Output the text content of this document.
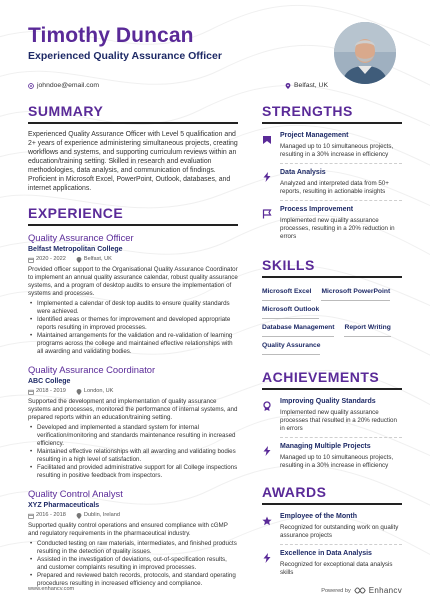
Timothy Duncan
Experienced Quality Assurance Officer
johndoe@email.com	Belfast, UK
SUMMARY
Experienced Quality Assurance Officer with Level 5 qualification and 2+ years of experience administering simultaneous projects, creating workflows and systems, and supporting curriculum reviews within an education/training setting. Skilled in research and evaluation methodologies, data analysis, and communication of findings. Proficient in Microsoft Excel, PowerPoint, Outlook, databases, and internet applications.
EXPERIENCE
Quality Assurance Officer
Belfast Metropolitan College
2020 - 2022	Belfast, UK
Provided officer support to the Organisational Quality Assurance Coordinator to implement an annual quality assurance calendar, robust quality assurance systems, and a program of desktop audits to ensure the implementation of systems and processes.
• Implemented a calendar of desk top audits to ensure quality standards were achieved.
• Identified areas or themes for improvement and developed appropriate reports resulting in improved processes.
• Maintained arrangements for the validation and re-validation of learning programs across the college and maintained effective relationships with all awarding and validating bodies.
Quality Assurance Coordinator
ABC College
2018 - 2019	London, UK
Supported the development and implementation of quality assurance systems and processes, monitored the performance of internal systems, and prepared reports within an education/training setting.
• Developed and implemented a standard system for internal verification/monitoring and standards maintenance resulting in increased efficiency.
• Maintained effective relationships with all awarding and validating bodies resulting in a high level of satisfaction.
• Facilitated and provided administrative support for all College inspections resulting in positive feedback from inspectors.
Quality Control Analyst
XYZ Pharmaceuticals
2016 - 2018	Dublin, Ireland
Supported quality control operations and ensured compliance with cGMP and regulatory requirements in the pharmaceutical industry.
• Conducted testing on raw materials, intermediates, and finished products resulting in the detection of quality issues.
• Assisted in the investigation of deviations, out-of-specification results, and customer complaints resulting in improved processes.
• Prepared and reviewed batch records, protocols, and standard operating procedures resulting in increased efficiency and compliance.
STRENGTHS
Project Management
Managed up to 10 simultaneous projects, resulting in a 30% increase in efficiency
Data Analysis
Analyzed and interpreted data from 50+ reports, resulting in actionable insights
Process Improvement
Implemented new quality assurance processes, resulting in a 20% reduction in errors
SKILLS
Microsoft Excel Microsoft PowerPoint
Microsoft Outlook
Database Management Report Writing
Quality Assurance
ACHIEVEMENTS
Improving Quality Standards
Implemented new quality assurance processes that resulted in a 20% reduction in errors
Managing Multiple Projects
Managed up to 10 simultaneous projects, resulting in a 30% increase in efficiency
AWARDS
Employee of the Month
Recognized for outstanding work on quality assurance projects
Excellence in Data Analysis
Recognized for exceptional data analysis skills
www.enhancv.com	Powered by Enhancv
